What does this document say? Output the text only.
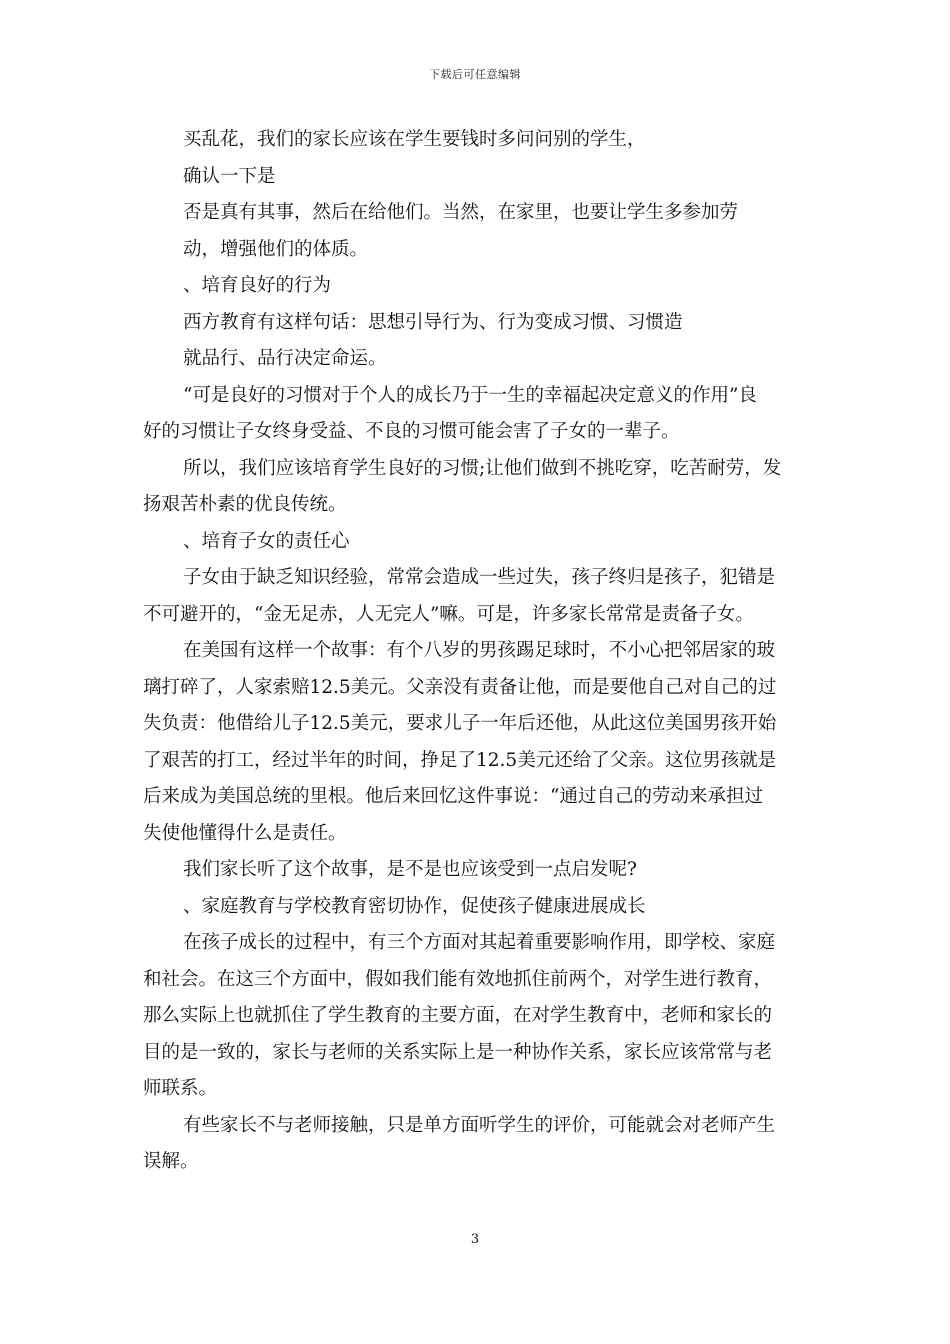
下载后可任意编辑
买乱花，我们的家长应该在学生要钱时多问问别的学生，
确认一下是
否是真有其事，然后在给他们。当然，在家里，也要让学生多参加劳
动，增强他们的体质。
、培育良好的行为
西方教育有这样句话：思想引导行为、行为变成习惯、习惯造
就品行、品行决定命运。
“可是良好的习惯对于个人的成长乃于一生的幸福起决定意义的作用”良
好的习惯让子女终身受益、不良的习惯可能会害了子女的一辈子。
所以，我们应该培育学生良好的习惯;让他们做到不挑吃穿，吃苦耐劳，发
扬艰苦朴素的优良传统。
、培育子女的责任心
子女由于缺乏知识经验，常常会造成一些过失，孩子终归是孩子，犯错是
不可避开的，“金无足赤，人无完人”嘛。可是，许多家长常常是责备子女。
在美国有这样一个故事：有个八岁的男孩踢足球时，不小心把邻居家的玻
璃打碎了，人家索赔12.5美元。父亲没有责备让他，而是要他自己对自己的过
失负责：他借给儿子12.5美元，要求儿子一年后还他，从此这位美国男孩开始
了艰苦的打工，经过半年的时间，挣足了12.5美元还给了父亲。这位男孩就是
后来成为美国总统的里根。他后来回忆这件事说：“通过自己的劳动来承担过
失使他懂得什么是责任。
我们家长听了这个故事，是不是也应该受到一点启发呢?
、家庭教育与学校教育密切协作，促使孩子健康进展成长
在孩子成长的过程中，有三个方面对其起着重要影响作用，即学校、家庭
和社会。在这三个方面中，假如我们能有效地抓住前两个，对学生进行教育，
那么实际上也就抓住了学生教育的主要方面，在对学生教育中，老师和家长的
目的是一致的，家长与老师的关系实际上是一种协作关系，家长应该常常与老
师联系。
有些家长不与老师接触，只是单方面听学生的评价，可能就会对老师产生
误解。
3
